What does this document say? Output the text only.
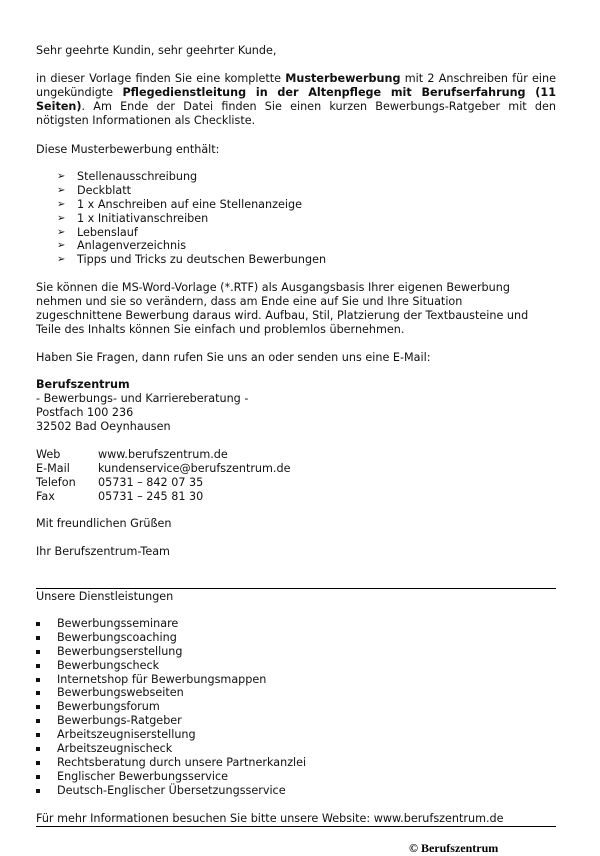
Sehr geehrte Kundin, sehr geehrter Kunde,

in dieser Vorlage finden Sie eine komplette Musterbewerbung mit 2 Anschreiben für eine ungekündigte Pflegedienstleitung in der Altenpflege mit Berufserfahrung (11 Seiten). Am Ende der Datei finden Sie einen kurzen Bewerbungs-Ratgeber mit den nötigsten Informationen als Checkliste.

Diese Musterbewerbung enthält:

➢ Stellenausschreibung
➢ Deckblatt
➢ 1 x Anschreiben auf eine Stellenanzeige
➢ 1 x Initiativanschreiben
➢ Lebenslauf
➢ Anlagenverzeichnis
➢ Tipps und Tricks zu deutschen Bewerbungen

Sie können die MS-Word-Vorlage (*.RTF) als Ausgangsbasis Ihrer eigenen Bewerbung nehmen und sie so verändern, dass am Ende eine auf Sie und Ihre Situation zugeschnittene Bewerbung daraus wird. Aufbau, Stil, Platzierung der Textbausteine und Teile des Inhalts können Sie einfach und problemlos übernehmen.

Haben Sie Fragen, dann rufen Sie uns an oder senden uns eine E-Mail:

Berufszentrum
- Bewerbungs- und Karriereberatung -
Postfach 100 236
32502 Bad Oeynhausen
Web	www.berufszentrum.de
E-Mail	kundenservice@berufszentrum.de
Telefon	05731 – 842 07 35
Fax	05731 – 245 81 30

Mit freundlichen Grüßen

Ihr Berufszentrum-Team

Unsere Dienstleistungen

Bewerbungsseminare
Bewerbungscoaching
Bewerbungserstellung
Bewerbungscheck
Internetshop für Bewerbungsmappen
Bewerbungswebseiten
Bewerbungsforum
Bewerbungs-Ratgeber
Arbeitszeugniserstellung
Arbeitszeugnischeck
Rechtsberatung durch unsere Partnerkanzlei
Englischer Bewerbungsservice
Deutsch-Englischer Übersetzungsservice

Für mehr Informationen besuchen Sie bitte unsere Website: www.berufszentrum.de

© Berufszentrum
